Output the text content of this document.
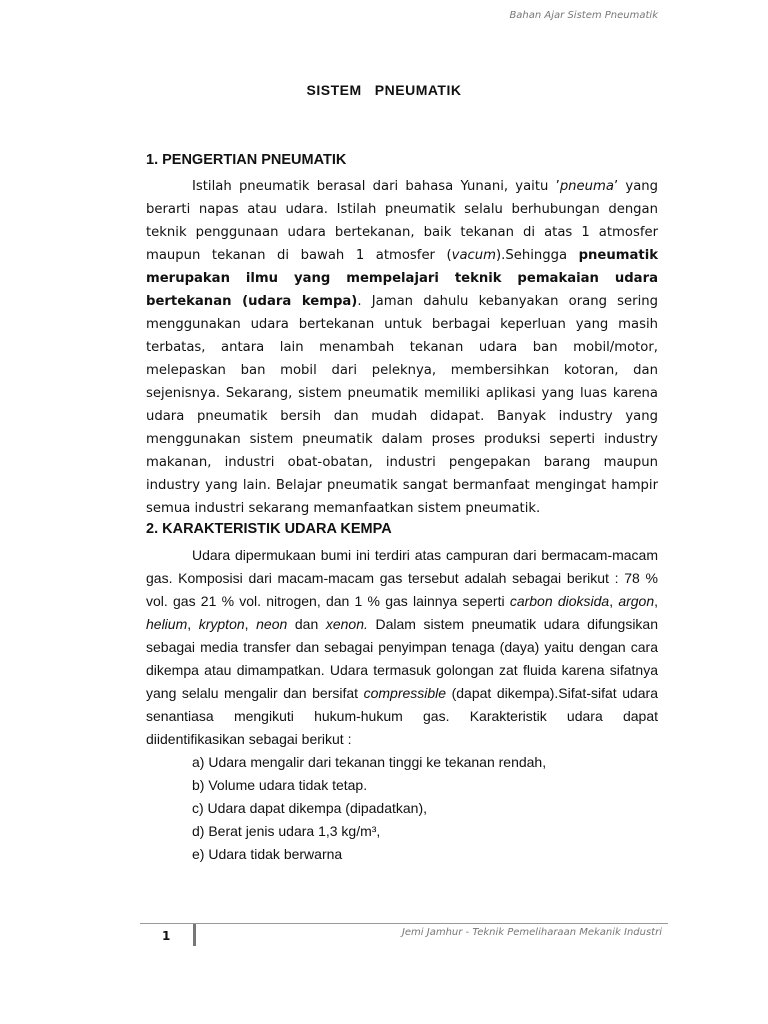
Bahan Ajar Sistem Pneumatik
SISTEM   PNEUMATIK
1. PENGERTIAN PNEUMATIK

Istilah pneumatik berasal dari bahasa Yunani, yaitu ’pneuma’ yang berarti napas atau udara. Istilah pneumatik selalu berhubungan dengan teknik penggunaan udara bertekanan, baik tekanan di atas 1 atmosfer maupun tekanan di bawah 1 atmosfer (vacum).Sehingga pneumatik merupakan ilmu yang mempelajari teknik pemakaian udara bertekanan (udara kempa). Jaman dahulu kebanyakan orang sering menggunakan udara bertekanan untuk berbagai keperluan yang masih terbatas, antara lain menambah tekanan udara ban mobil/motor, melepaskan ban mobil dari peleknya, membersihkan kotoran, dan sejenisnya. Sekarang, sistem pneumatik memiliki aplikasi yang luas karena udara pneumatik bersih dan mudah didapat. Banyak industry yang menggunakan sistem pneumatik dalam proses produksi seperti industry makanan, industri obat-obatan, industri pengepakan barang maupun industry yang lain. Belajar pneumatik sangat bermanfaat mengingat hampir semua industri sekarang memanfaatkan sistem pneumatik.

2. KARAKTERISTIK UDARA KEMPA

Udara dipermukaan bumi ini terdiri atas campuran dari bermacam-macam gas. Komposisi dari macam-macam gas tersebut adalah sebagai berikut : 78 % vol. gas 21 % vol. nitrogen, dan 1 % gas lainnya seperti carbon dioksida, argon, helium, krypton, neon dan xenon. Dalam sistem pneumatik udara difungsikan sebagai media transfer dan sebagai penyimpan tenaga (daya) yaitu dengan cara dikempa atau dimampatkan. Udara termasuk golongan zat fluida karena sifatnya yang selalu mengalir dan bersifat compressible (dapat dikempa).Sifat-sifat udara senantiasa mengikuti hukum-hukum gas. Karakteristik udara dapat diidentifikasikan sebagai berikut :

a) Udara mengalir dari tekanan tinggi ke tekanan rendah,
b) Volume udara tidak tetap.
c) Udara dapat dikempa (dipadatkan),
d) Berat jenis udara 1,3 kg/m³,
e) Udara tidak berwarna
1	Jemi Jamhur - Teknik Pemeliharaan Mekanik Industri
